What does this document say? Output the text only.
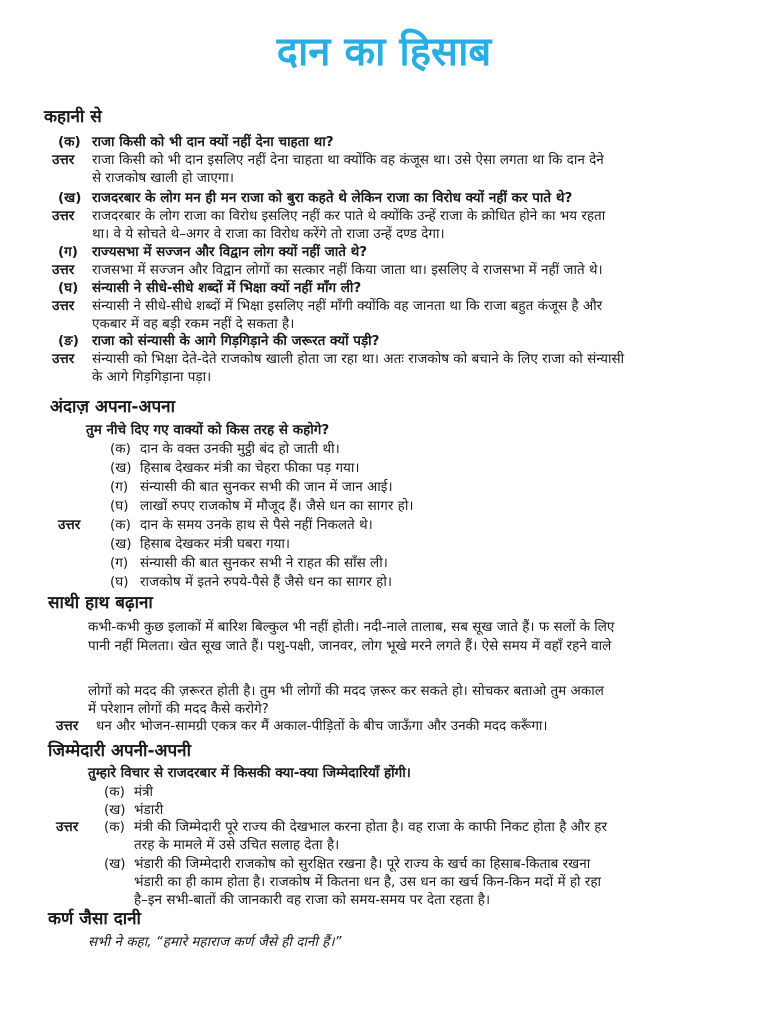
दान का हिसाब
कहानी से
(क) राजा किसी को भी दान क्यों नहीं देना चाहता था?
उत्तर राजा किसी को भी दान इसलिए नहीं देना चाहता था क्योंकि वह कंजूस था। उसे ऐसा लगता था कि दान देने
से राजकोष खाली हो जाएगा।
(ख) राजदरबार के लोग मन ही मन राजा को बुरा कहते थे लेकिन राजा का विरोध क्यों नहीं कर पाते थे?
उत्तर राजदरबार के लोग राजा का विरोध इसलिए नहीं कर पाते थे क्योंकि उन्हें राजा के क्रोधित होने का भय रहता
था। वे ये सोचते थे–अगर वे राजा का विरोध करेंगे तो राजा उन्हें दण्ड देगा।
(ग) राज्यसभा में सज्जन और विद्वान लोग क्यों नहीं जाते थे?
उत्तर राजसभा में सज्जन और विद्वान लोगों का सत्कार नहीं किया जाता था। इसलिए वे राजसभा में नहीं जाते थे।
(घ) संन्यासी ने सीधे-सीधे शब्दों में भिक्षा क्यों नहीं माँग ली?
उत्तर संन्यासी ने सीधे-सीधे शब्दों में भिक्षा इसलिए नहीं माँगी क्योंकि वह जानता था कि राजा बहुत कंजूस है और
एकबार में वह बड़ी रकम नहीं दे सकता है।
(ङ) राजा को संन्यासी के आगे गिड़गिड़ाने की जरूरत क्यों पड़ी?
उत्तर संन्यासी को भिक्षा देते-देते राजकोष खाली होता जा रहा था। अतः राजकोष को बचाने के लिए राजा को संन्यासी
के आगे गिड़गिड़ाना पड़ा।
अंदाज़ अपना-अपना
तुम नीचे दिए गए वाक्यों को किस तरह से कहोगे?
(क) दान के वक्त उनकी मुट्ठी बंद हो जाती थी।
(ख) हिसाब देखकर मंत्री का चेहरा फीका पड़ गया।
(ग) संन्यासी की बात सुनकर सभी की जान में जान आई।
(घ) लाखों रुपए राजकोष में मौजूद हैं। जैसे धन का सागर हो।
उत्तर (क) दान के समय उनके हाथ से पैसे नहीं निकलते थे।
(ख) हिसाब देखकर मंत्री घबरा गया।
(ग) संन्यासी की बात सुनकर सभी ने राहत की साँस ली।
(घ) राजकोष में इतने रुपये-पैसे हैं जैसे धन का सागर हो।
साथी हाथ बढ़ाना
कभी-कभी कुछ इलाकों में बारिश बिल्कुल भी नहीं होती। नदी-नाले तालाब, सब सूख जाते हैं। फ सलों के लिए
पानी नहीं मिलता। खेत सूख जाते हैं। पशु-पक्षी, जानवर, लोग भूखे मरने लगते हैं। ऐसे समय में वहाँ रहने वाले
लोगों को मदद की ज़रूरत होती है। तुम भी लोगों की मदद ज़रूर कर सकते हो। सोचकर बताओ तुम अकाल
में परेशान लोगों की मदद कैसे करोगे?
उत्तर धन और भोजन-सामग्री एकत्र कर मैं अकाल-पीड़ितों के बीच जाऊँगा और उनकी मदद करूँगा।
जिम्मेदारी अपनी-अपनी
तुम्हारे विचार से राजदरबार में किसकी क्या-क्या जिम्मेदारियाँ होंगी।
(क) मंत्री
(ख) भंडारी
उत्तर (क) मंत्री की जिम्मेदारी पूरे राज्य की देखभाल करना होता है। वह राजा के काफी निकट होता है और हर
तरह के मामले में उसे उचित सलाह देता है।
(ख) भंडारी की जिम्मेदारी राजकोष को सुरक्षित रखना है। पूरे राज्य के खर्च का हिसाब-किताब रखना
भंडारी का ही काम होता है। राजकोष में कितना धन है, उस धन का खर्च किन-किन मदों में हो रहा
है–इन सभी-बातों की जानकारी वह राजा को समय-समय पर देता रहता है।
कर्ण जैसा दानी
सभी ने कहा, “हमारे महाराज कर्ण जैसे ही दानी हैं।”
